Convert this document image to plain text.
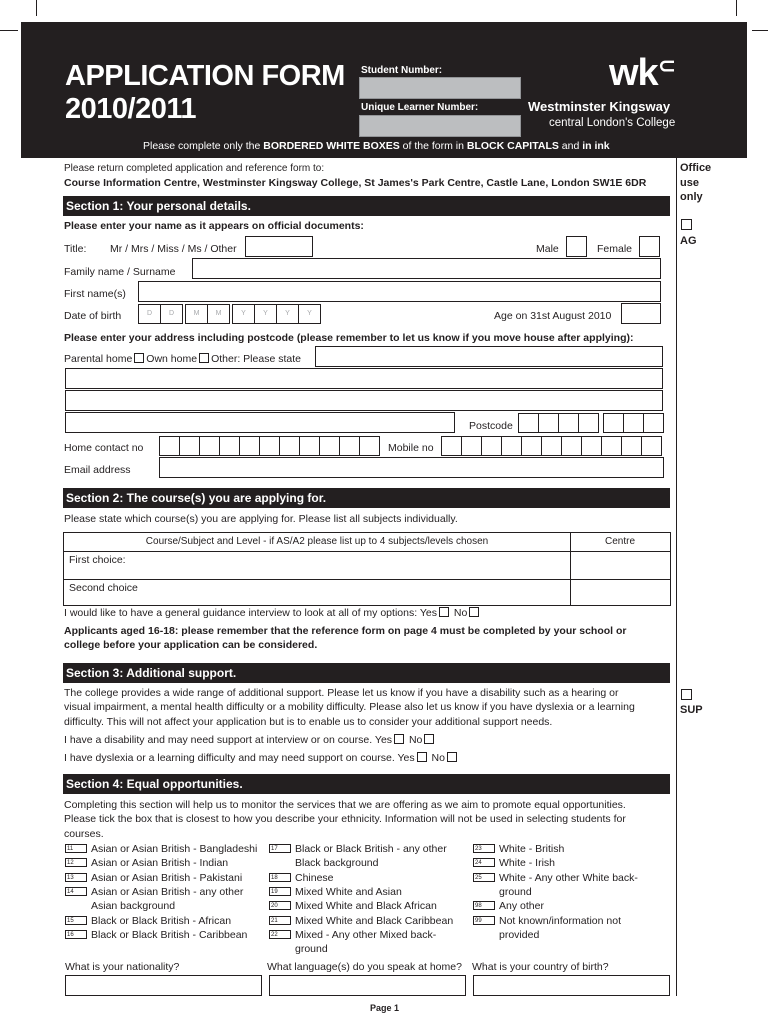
APPLICATION FORM
2010/2011
Student Number:
Unique Learner Number:
wk⊂
Westminster Kingsway
central London's College
Please complete only the BORDERED WHITE BOXES of the form in BLOCK CAPITALS and in ink
Office
use
only
AG
SUP
Please return completed application and reference form to:
Course Information Centre, Westminster Kingsway College, St James's Park Centre, Castle Lane, London SW1E 6DR
Section 1: Your personal details.
Please enter your name as it appears on official documents:
Title: Mr / Mrs / Miss / Ms / Other	Male	Female
Family name / Surname
First name(s)
Date of birth	D	D	M	M	Y	Y	Y	Y	Age on 31st August 2010
Please enter your address including postcode (please remember to let us know if you move house after applying):
Parental home Own home Other: Please state
Postcode
Home contact no	Mobile no
Email address
Section 2: The course(s) you are applying for.
Please state which course(s) you are applying for. Please list all subjects individually.
Course/Subject and Level - if AS/A2 please list up to 4 subjects/levels chosen	Centre
First choice:
Second choice
I would like to have a general guidance interview to look at all of my options: Yes No
Applicants aged 16-18: please remember that the reference form on page 4 must be completed by your school or
college before your application can be considered.
Section 3: Additional support.
The college provides a wide range of additional support. Please let us know if you have a disability such as a hearing or
visual impairment, a mental health difficulty or a mobility difficulty. Please also let us know if you have dyslexia or a learning
difficulty. This will not affect your application but is to enable us to consider your additional support needs.
I have a disability and may need support at interview or on course. Yes No
I have dyslexia or a learning difficulty and may need support on course. Yes No
Section 4: Equal opportunities.
Completing this section will help us to monitor the services that we are offering as we aim to promote equal opportunities.
Please tick the box that is closest to how you describe your ethnicity. Information will not be used in selecting students for
courses.
11	Asian or Asian British - Bangladeshi
12	Asian or Asian British - Indian
13	Asian or Asian British - Pakistani
14	Asian or Asian British - any other
Asian background
15	Black or Black British - African
16	Black or Black British - Caribbean
17	Black or Black British - any other
Black background
18	Chinese
19	Mixed White and Asian
20	Mixed White and Black African
21	Mixed White and Black Caribbean
22	Mixed - Any other Mixed back-
ground
23	White - British
24	White - Irish
25	White - Any other White back-
ground
98	Any other
99	Not known/information not
provided
What is your nationality?	What language(s) do you speak at home? What is your country of birth?
Page 1
